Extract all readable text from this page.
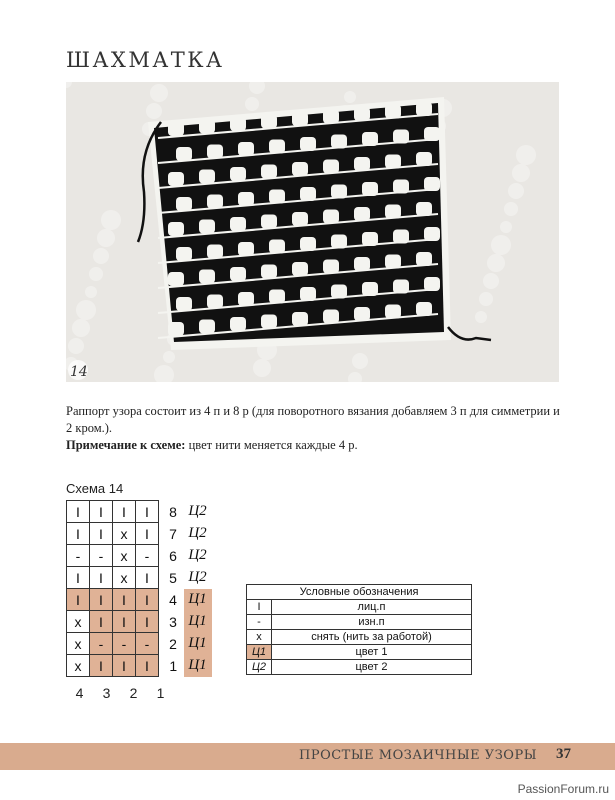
ШАХМАТКА
14
Раппорт узора состоит из 4 п и 8 р (для поворотного вязания добавляем 3 п для симметрии и 2 кром.).
Примечание к схеме: цвет нити меняется каждые 4 р.
Схема 14
I	I	I	I	8	Ц2
I	I	x	I	7	Ц2
-	-	x	-	6	Ц2
I	I	x	I	5	Ц2
I	I	I	I	4	Ц1
x	I	I	I	3	Ц1
x	-	-	-	2	Ц1
x	I	I	I	1	Ц1
4 3 2 1
Условные обозначения	
I	лиц.п
-	изн.п
x	снять (нить за работой)
Ц1	цвет 1
Ц2	цвет 2
ПРОСТЫЕ МОЗАИЧНЫЕ УЗОРЫ 37
PassionForum.ru
